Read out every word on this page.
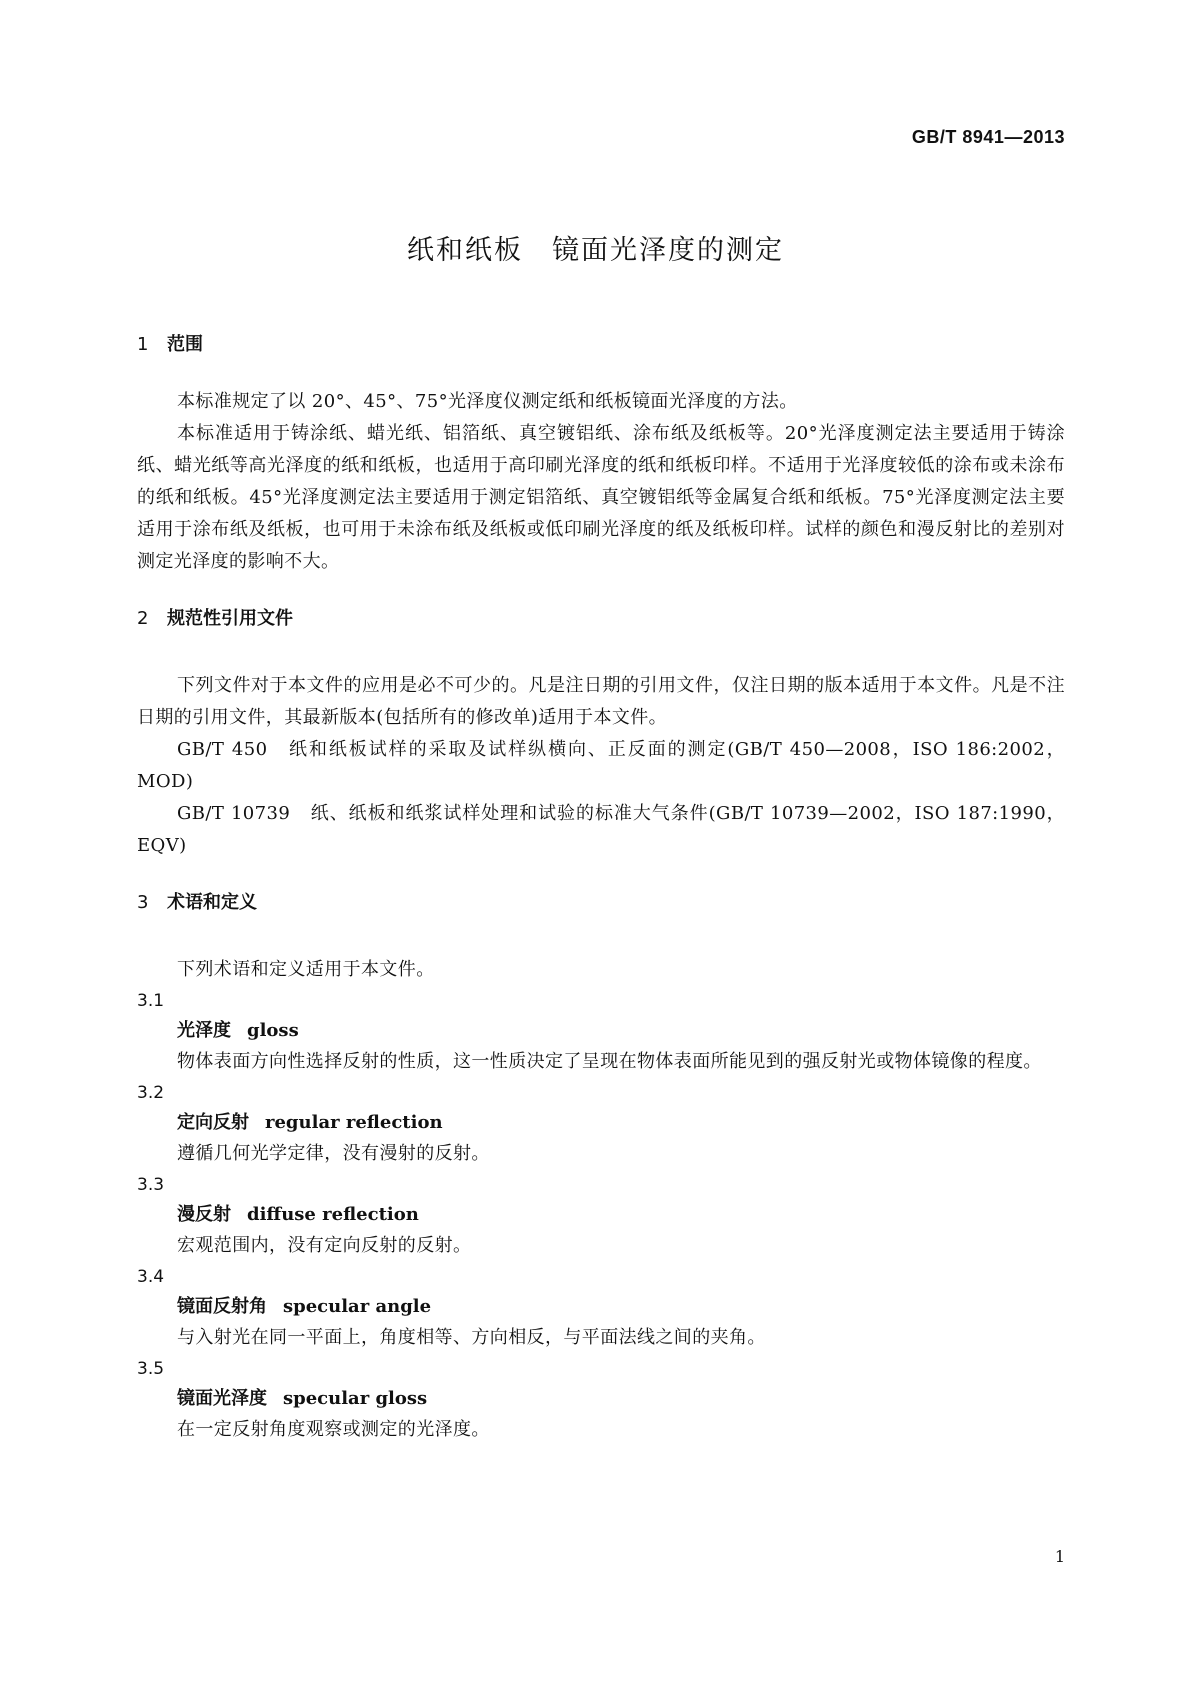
GB/T 8941—2013
纸和纸板　镜面光泽度的测定
1 范围

本标准规定了以 20°、45°、75°光泽度仪测定纸和纸板镜面光泽度的方法。

本标准适用于铸涂纸、蜡光纸、铝箔纸、真空镀铝纸、涂布纸及纸板等。20°光泽度测定法主要适用于铸涂纸、蜡光纸等高光泽度的纸和纸板，也适用于高印刷光泽度的纸和纸板印样。不适用于光泽度较低的涂布或未涂布的纸和纸板。45°光泽度测定法主要适用于测定铝箔纸、真空镀铝纸等金属复合纸和纸板。75°光泽度测定法主要适用于涂布纸及纸板，也可用于未涂布纸及纸板或低印刷光泽度的纸及纸板印样。试样的颜色和漫反射比的差别对测定光泽度的影响不大。

2 规范性引用文件

下列文件对于本文件的应用是必不可少的。凡是注日期的引用文件，仅注日期的版本适用于本文件。凡是不注日期的引用文件，其最新版本(包括所有的修改单)适用于本文件。

GB/T 450 纸和纸板试样的采取及试样纵横向、正反面的测定(GB/T 450—2008，ISO 186:2002，MOD)

GB/T 10739 纸、纸板和纸浆试样处理和试验的标准大气条件(GB/T 10739—2002，ISO 187:1990，EQV)

3 术语和定义

下列术语和定义适用于本文件。

3.1
光泽度 gloss

物体表面方向性选择反射的性质，这一性质决定了呈现在物体表面所能见到的强反射光或物体镜像的程度。

3.2
定向反射 regular reflection

遵循几何光学定律，没有漫射的反射。

3.3
漫反射 diffuse reflection

宏观范围内，没有定向反射的反射。

3.4
镜面反射角 specular angle

与入射光在同一平面上，角度相等、方向相反，与平面法线之间的夹角。

3.5
镜面光泽度 specular gloss

在一定反射角度观察或测定的光泽度。

1
